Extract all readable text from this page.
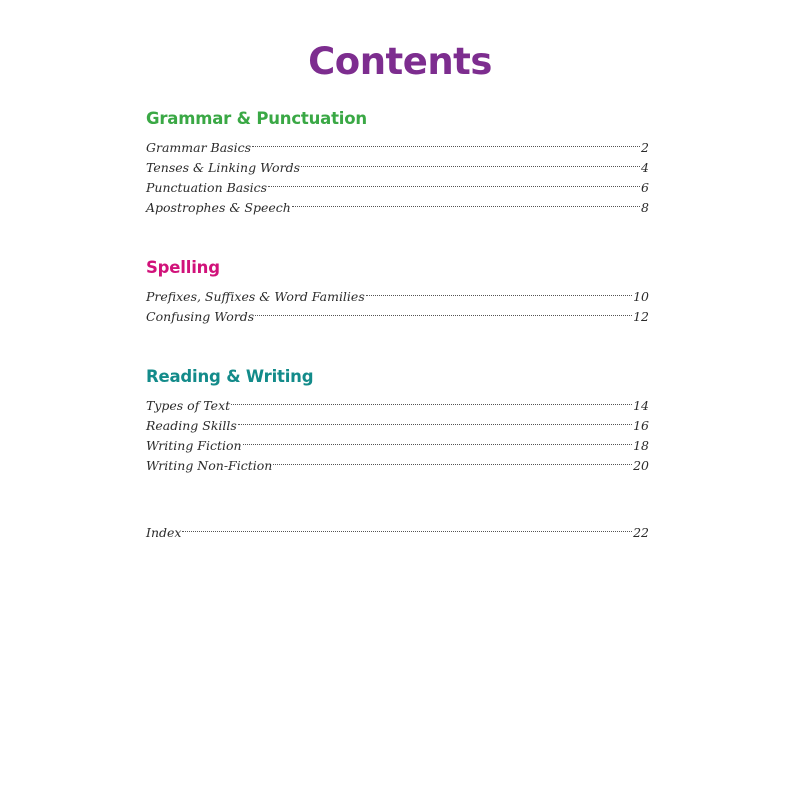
Contents
Grammar & Punctuation
Grammar Basics	2
Tenses & Linking Words	4
Punctuation Basics	6
Apostrophes & Speech	8
Spelling
Prefixes, Suffixes & Word Families	10
Confusing Words	12
Reading & Writing
Types of Text	14
Reading Skills	16
Writing Fiction	18
Writing Non-Fiction	20
Index	22
